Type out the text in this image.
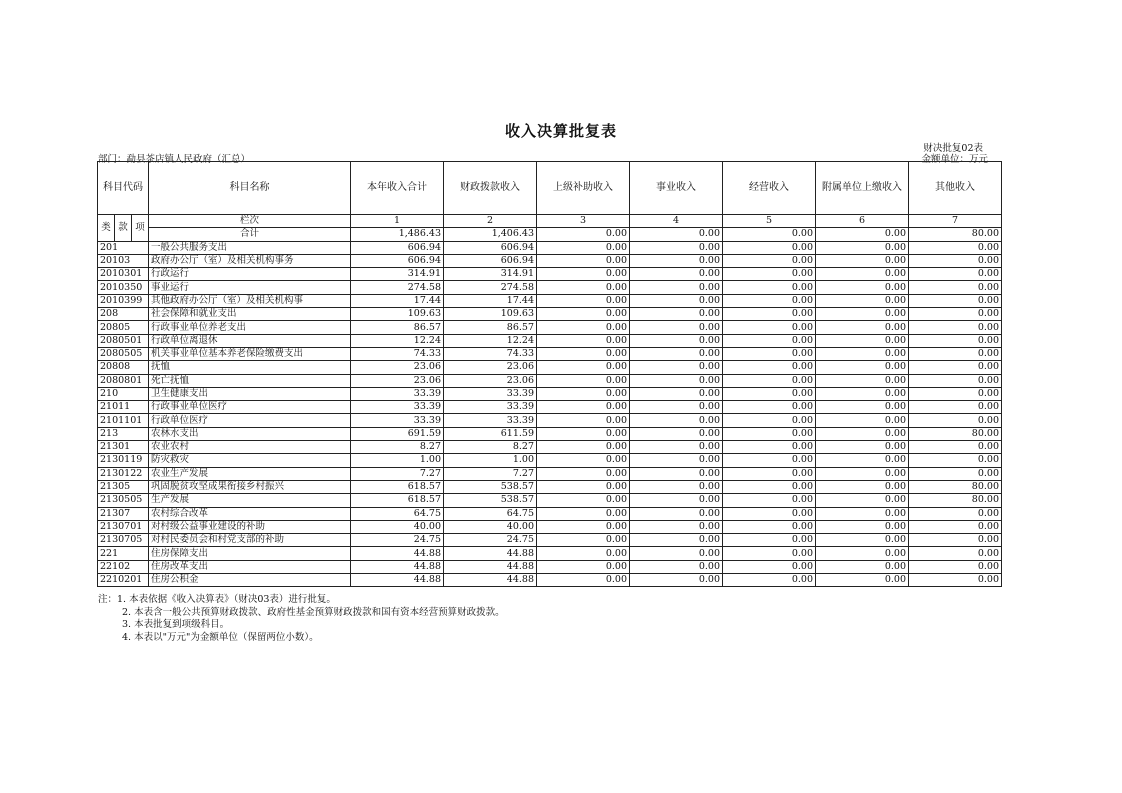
收入决算批复表
财决批复02表
部门：勐县茶店镇人民政府（汇总）	金额单位：万元
科目代码			科目名称	本年收入合计	财政拨款收入	上级补助收入	事业收入	经营收入	附属单位上缴收入	其他收入
类	款	项	栏次	1	2	3	4	5	6	7
			合计	1,486.43	1,406.43	0.00	0.00	0.00	0.00	80.00
201			一般公共服务支出	606.94	606.94	0.00	0.00	0.00	0.00	0.00
20103			政府办公厅（室）及相关机构事务	606.94	606.94	0.00	0.00	0.00	0.00	0.00
2010301			行政运行	314.91	314.91	0.00	0.00	0.00	0.00	0.00
2010350			事业运行	274.58	274.58	0.00	0.00	0.00	0.00	0.00
2010399			其他政府办公厅（室）及相关机构事	17.44	17.44	0.00	0.00	0.00	0.00	0.00
208			社会保障和就业支出	109.63	109.63	0.00	0.00	0.00	0.00	0.00
20805			行政事业单位养老支出	86.57	86.57	0.00	0.00	0.00	0.00	0.00
2080501			行政单位离退休	12.24	12.24	0.00	0.00	0.00	0.00	0.00
2080505			机关事业单位基本养老保险缴费支出	74.33	74.33	0.00	0.00	0.00	0.00	0.00
20808			抚恤	23.06	23.06	0.00	0.00	0.00	0.00	0.00
2080801			死亡抚恤	23.06	23.06	0.00	0.00	0.00	0.00	0.00
210			卫生健康支出	33.39	33.39	0.00	0.00	0.00	0.00	0.00
21011			行政事业单位医疗	33.39	33.39	0.00	0.00	0.00	0.00	0.00
2101101			行政单位医疗	33.39	33.39	0.00	0.00	0.00	0.00	0.00
213			农林水支出	691.59	611.59	0.00	0.00	0.00	0.00	80.00
21301			农业农村	8.27	8.27	0.00	0.00	0.00	0.00	0.00
2130119			防灾救灾	1.00	1.00	0.00	0.00	0.00	0.00	0.00
2130122			农业生产发展	7.27	7.27	0.00	0.00	0.00	0.00	0.00
21305			巩固脱贫攻坚成果衔接乡村振兴	618.57	538.57	0.00	0.00	0.00	0.00	80.00
2130505			生产发展	618.57	538.57	0.00	0.00	0.00	0.00	80.00
21307			农村综合改革	64.75	64.75	0.00	0.00	0.00	0.00	0.00
2130701			对村级公益事业建设的补助	40.00	40.00	0.00	0.00	0.00	0.00	0.00
2130705			对村民委员会和村党支部的补助	24.75	24.75	0.00	0.00	0.00	0.00	0.00
221			住房保障支出	44.88	44.88	0.00	0.00	0.00	0.00	0.00
22102			住房改革支出	44.88	44.88	0.00	0.00	0.00	0.00	0.00
2210201			住房公积金	44.88	44.88	0.00	0.00	0.00	0.00	0.00
注：1. 本表依据《收入决算表》（财决03表）进行批复。
2. 本表含一般公共预算财政拨款、政府性基金预算财政拨款和国有资本经营预算财政拨款。
3. 本表批复到项级科目。
4. 本表以"万元"为金额单位（保留两位小数）。
